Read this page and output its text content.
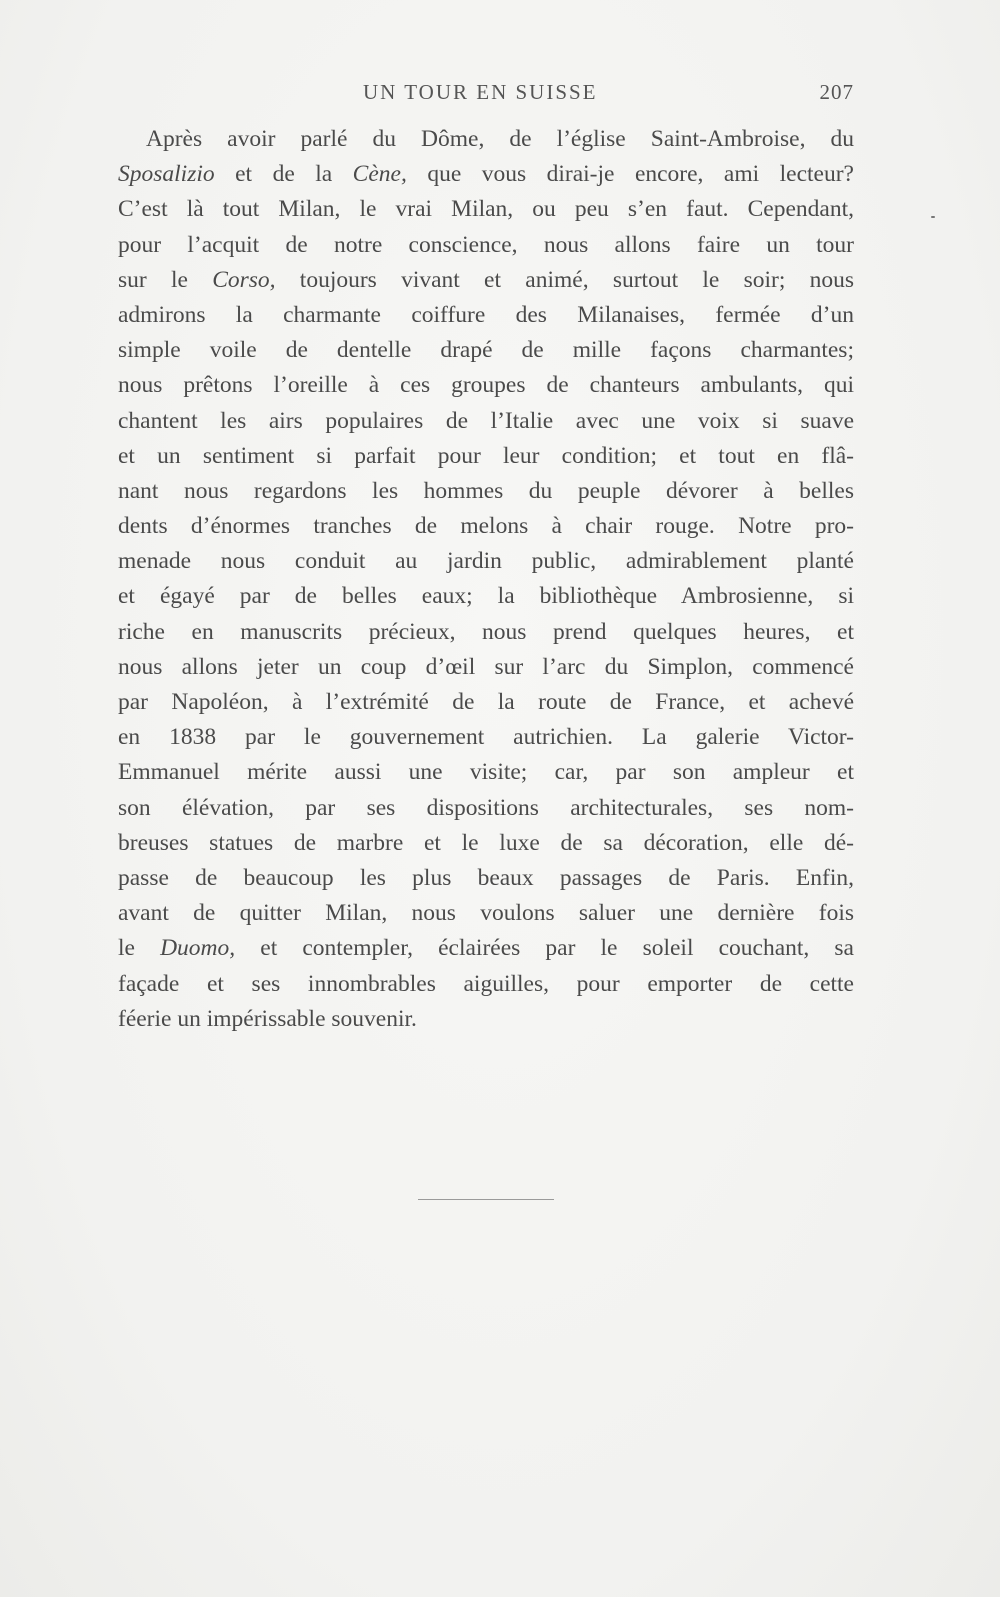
UN TOUR EN SUISSE	207
Après avoir parlé du Dôme, de l’église Saint-Ambroise, du
Sposalizio et de la Cène, que vous dirai-je encore, ami lecteur?
C’est là tout Milan, le vrai Milan, ou peu s’en faut. Cependant,
pour l’acquit de notre conscience, nous allons faire un tour
sur le Corso, toujours vivant et animé, surtout le soir; nous
admirons la charmante coiffure des Milanaises, fermée d’un
simple voile de dentelle drapé de mille façons charmantes;
nous prêtons l’oreille à ces groupes de chanteurs ambulants, qui
chantent les airs populaires de l’Italie avec une voix si suave
et un sentiment si parfait pour leur condition; et tout en flâ-
nant nous regardons les hommes du peuple dévorer à belles
dents d’énormes tranches de melons à chair rouge. Notre pro-
menade nous conduit au jardin public, admirablement planté
et égayé par de belles eaux; la bibliothèque Ambrosienne, si
riche en manuscrits précieux, nous prend quelques heures, et
nous allons jeter un coup d’œil sur l’arc du Simplon, commencé
par Napoléon, à l’extrémité de la route de France, et achevé
en 1838 par le gouvernement autrichien. La galerie Victor-
Emmanuel mérite aussi une visite; car, par son ampleur et
son élévation, par ses dispositions architecturales, ses nom-
breuses statues de marbre et le luxe de sa décoration, elle dé-
passe de beaucoup les plus beaux passages de Paris. Enfin,
avant de quitter Milan, nous voulons saluer une dernière fois
le Duomo, et contempler, éclairées par le soleil couchant, sa
façade et ses innombrables aiguilles, pour emporter de cette
féerie un impérissable souvenir.
